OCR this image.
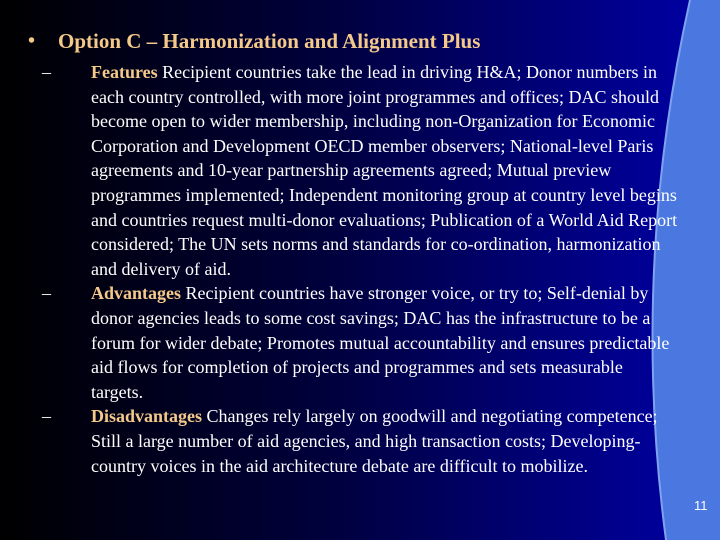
•	Option C – Harmonization and Alignment Plus
–	Features Recipient countries take the lead in driving H&A; Donor numbers in each country controlled, with more joint programmes and offices; DAC should become open to wider membership, including non-Organization for Economic Corporation and Development OECD member observers; National-level Paris agreements and 10-year partnership agreements agreed; Mutual preview programmes implemented; Independent monitoring group at country level begins and countries request multi-donor evaluations; Publication of a World Aid Report considered; The UN sets norms and standards for co-ordination, harmonization and delivery of aid.
–	Advantages Recipient countries have stronger voice, or try to; Self-denial by donor agencies leads to some cost savings; DAC has the infrastructure to be a forum for wider debate; Promotes mutual accountability and ensures predictable aid flows for completion of projects and programmes and sets measurable targets.
–	Disadvantages Changes rely largely on goodwill and negotiating competence; Still a large number of aid agencies, and high transaction costs; Developing-country voices in the aid architecture debate are difficult to mobilize.
11
